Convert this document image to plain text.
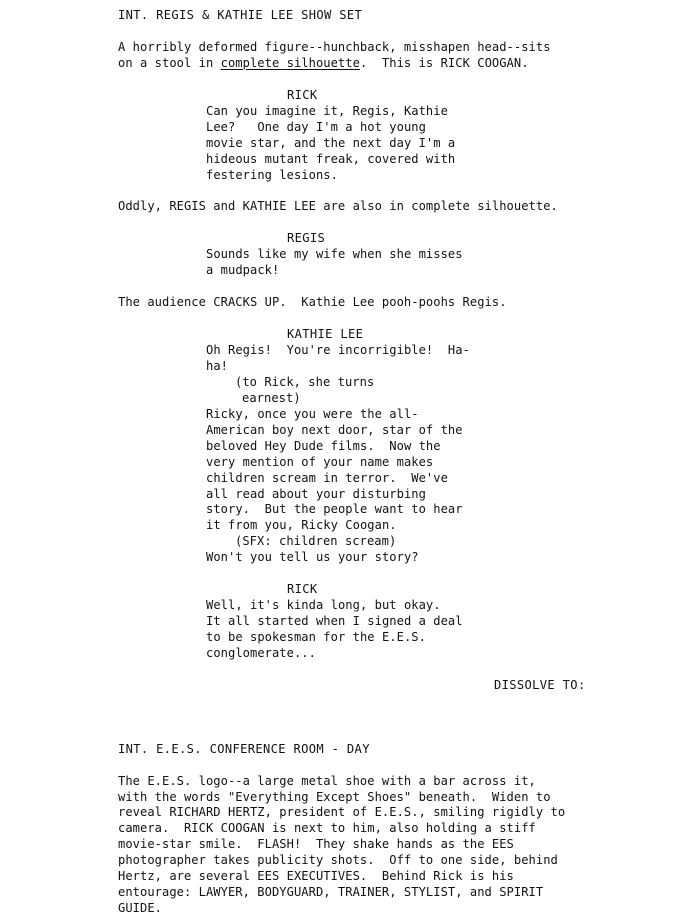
INT. REGIS & KATHIE LEE SHOW SET
A horribly deformed figure--hunchback, misshapen head--sits
on a stool in complete silhouette.  This is RICK COOGAN.
RICK
Can you imagine it, Regis, Kathie
Lee?   One day I'm a hot young
movie star, and the next day I'm a
hideous mutant freak, covered with
festering lesions.
Oddly, REGIS and KATHIE LEE are also in complete silhouette.
REGIS
Sounds like my wife when she misses
a mudpack!
The audience CRACKS UP.  Kathie Lee pooh-poohs Regis.
KATHIE LEE
Oh Regis!  You're incorrigible!  Ha-
ha!
(to Rick, she turns
earnest)
Ricky, once you were the all-
American boy next door, star of the
beloved Hey Dude films.  Now the
very mention of your name makes
children scream in terror.  We've
all read about your disturbing
story.  But the people want to hear
it from you, Ricky Coogan.
(SFX: children scream)
Won't you tell us your story?
RICK
Well, it's kinda long, but okay.
It all started when I signed a deal
to be spokesman for the E.E.S.
conglomerate...
DISSOLVE TO:
INT. E.E.S. CONFERENCE ROOM - DAY
The E.E.S. logo--a large metal shoe with a bar across it,
with the words "Everything Except Shoes" beneath.  Widen to
reveal RICHARD HERTZ, president of E.E.S., smiling rigidly to
camera.  RICK COOGAN is next to him, also holding a stiff
movie-star smile.  FLASH!  They shake hands as the EES
photographer takes publicity shots.  Off to one side, behind
Hertz, are several EES EXECUTIVES.  Behind Rick is his
entourage: LAWYER, BODYGUARD, TRAINER, STYLIST, and SPIRIT
GUIDE.
